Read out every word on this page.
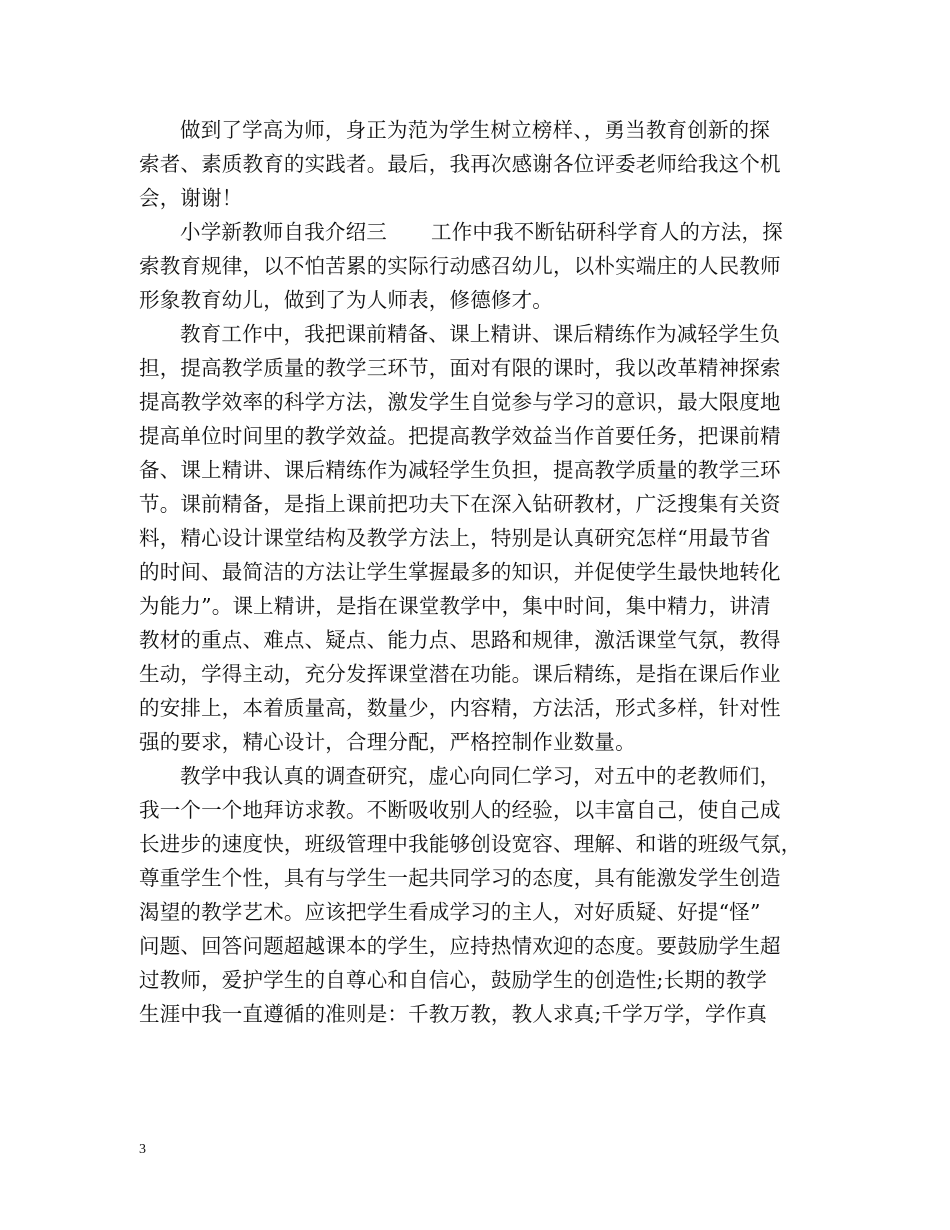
做到了学高为师，身正为范为学生树立榜样、，勇当教育创新的探
索者、素质教育的实践者。最后，我再次感谢各位评委老师给我这个机
会，谢谢！

小学新教师自我介绍三 工作中我不断钻研科学育人的方法，探
索教育规律，以不怕苦累的实际行动感召幼儿，以朴实端庄的人民教师
形象教育幼儿，做到了为人师表，修德修才。

教育工作中，我把课前精备、课上精讲、课后精练作为减轻学生负
担，提高教学质量的教学三环节，面对有限的课时，我以改革精神探索
提高教学效率的科学方法，激发学生自觉参与学习的意识，最大限度地
提高单位时间里的教学效益。把提高教学效益当作首要任务，把课前精
备、课上精讲、课后精练作为减轻学生负担，提高教学质量的教学三环
节。课前精备，是指上课前把功夫下在深入钻研教材，广泛搜集有关资
料，精心设计课堂结构及教学方法上，特别是认真研究怎样“用最节省
的时间、最简洁的方法让学生掌握最多的知识，并促使学生最快地转化
为能力”。课上精讲，是指在课堂教学中，集中时间，集中精力，讲清
教材的重点、难点、疑点、能力点、思路和规律，激活课堂气氛，教得
生动，学得主动，充分发挥课堂潜在功能。课后精练，是指在课后作业
的安排上，本着质量高，数量少，内容精，方法活，形式多样，针对性
强的要求，精心设计，合理分配，严格控制作业数量。

教学中我认真的调查研究，虚心向同仁学习，对五中的老教师们，
我一个一个地拜访求教。不断吸收别人的经验，以丰富自己，使自己成
长进步的速度快，班级管理中我能够创设宽容、理解、和谐的班级气氛，
尊重学生个性，具有与学生一起共同学习的态度，具有能激发学生创造
渴望的教学艺术。应该把学生看成学习的主人，对好质疑、好提“怪”
问题、回答问题超越课本的学生，应持热情欢迎的态度。要鼓励学生超
过教师，爱护学生的自尊心和自信心，鼓励学生的创造性;长期的教学
生涯中我一直遵循的准则是：千教万教，教人求真;千学万学，学作真

3
